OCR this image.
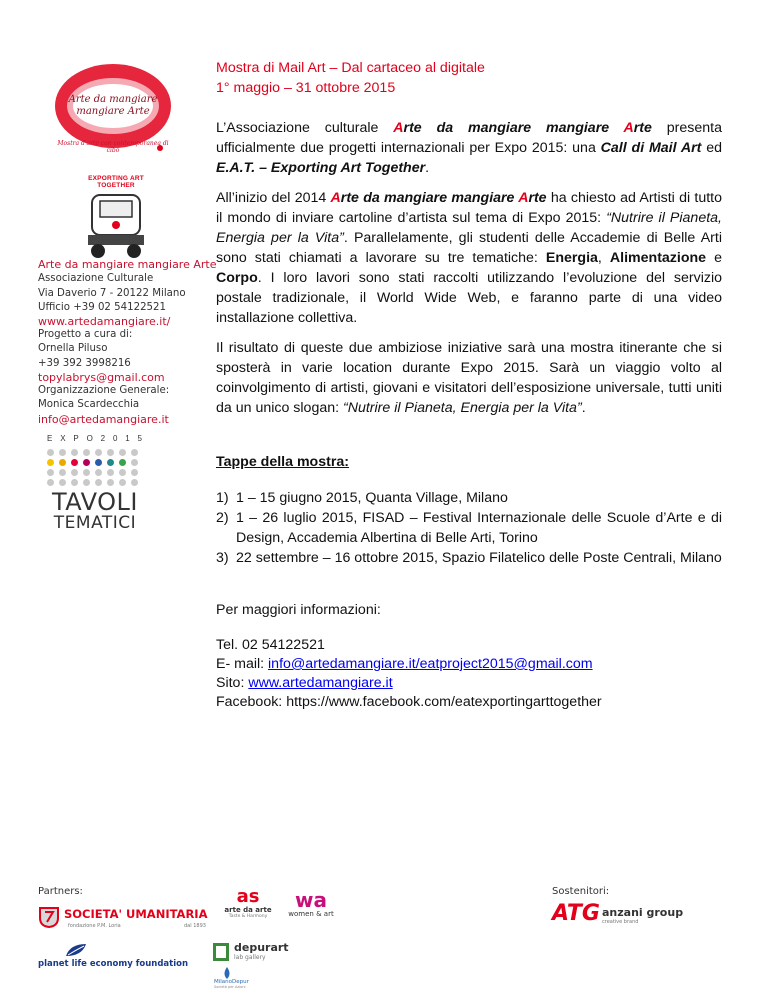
Arte da mangiare
mangiare Arte
Mostra d'arte con contemporanea di cibo
EXPORTING ART TOGETHER
Arte da mangiare mangiare Arte
Associazione Culturale
Via Daverio 7 - 20122 Milano
Ufficio +39 02 54122521
www.artedamangiare.it/
Progetto a cura di:
Ornella Piluso
+39 392 3998216
topylabrys@gmail.com
Organizzazione Generale:
Monica Scardecchia
info@artedamangiare.it
E X P O 2 0 1 5
TAVOLI
TEMATICI
Mostra di Mail Art – Dal cartaceo al digitale
1° maggio – 31 ottobre 2015
L’Associazione culturale Arte da mangiare mangiare Arte presenta ufficialmente due progetti internazionali per Expo 2015: una Call di Mail Art ed E.A.T. – Exporting Art Together.
All’inizio del 2014 Arte da mangiare mangiare Arte ha chiesto ad Artisti di tutto il mondo di inviare cartoline d’artista sul tema di Expo 2015: “Nutrire il Pianeta, Energia per la Vita”. Parallelamente, gli studenti delle Accademie di Belle Arti sono stati chiamati a lavorare su tre tematiche: Energia, Alimentazione e Corpo. I loro lavori sono stati raccolti utilizzando l’evoluzione del servizio postale tradizionale, il World Wide Web, e faranno parte di una video installazione collettiva.
Il risultato di queste due ambiziose iniziative sarà una mostra itinerante che si sposterà in varie location durante Expo 2015. Sarà un viaggio volto al coinvolgimento di artisti, giovani e visitatori dell’esposizione universale, tutti uniti da un unico slogan: “Nutrire il Pianeta, Energia per la Vita”.
Tappe della mostra:
1) 1 – 15 giugno 2015, Quanta Village, Milano
2) 1 – 26 luglio 2015, FISAD – Festival Internazionale delle Scuole d’Arte e di Design, Accademia Albertina di Belle Arti, Torino
3) 22 settembre – 16 ottobre 2015, Spazio Filatelico delle Poste Centrali, Milano
Per maggiori informazioni:
Tel. 02 54122521
E- mail: info@artedamangiare.it/eatproject2015@gmail.com
Sito: www.artedamangiare.it
Facebook: https://www.facebook.com/eatexportingarttogether
Partners:	Sostenitori:
SOCIETA' UMANITARIA
fondazione P.M. Loria	dal 1893
planet life economy foundation
as
arte da arte
Taste & Harmony
wa
women & art
depurart
lab gallery
MilanoDepur
Società per Azioni
ATG anzani group
creative brand
